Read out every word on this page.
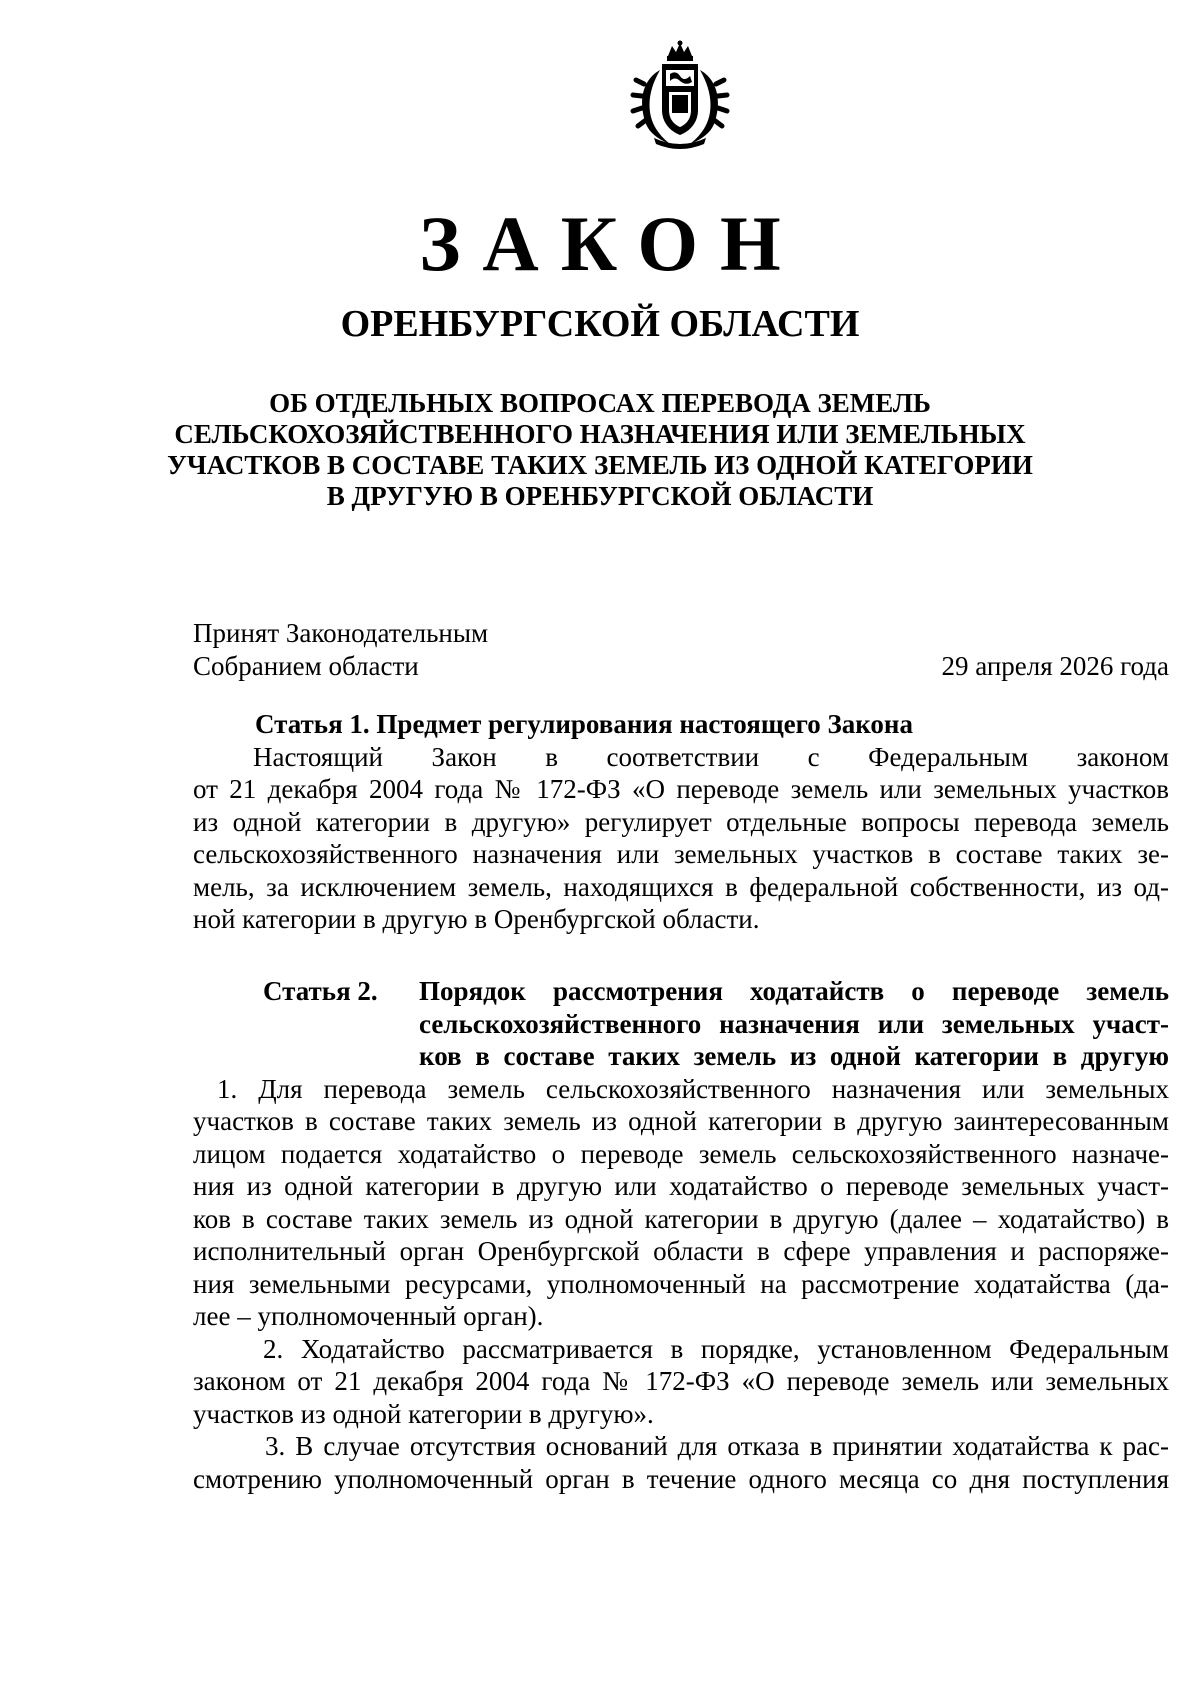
ЗАКОН
ОРЕНБУРГСКОЙ ОБЛАСТИ
ОБ ОТДЕЛЬНЫХ ВОПРОСАХ ПЕРЕВОДА ЗЕМЕЛЬ
СЕЛЬСКОХОЗЯЙСТВЕННОГО НАЗНАЧЕНИЯ ИЛИ ЗЕМЕЛЬНЫХ
УЧАСТКОВ В СОСТАВЕ ТАКИХ ЗЕМЕЛЬ ИЗ ОДНОЙ КАТЕГОРИИ
В ДРУГУЮ В ОРЕНБУРГСКОЙ ОБЛАСТИ
Принят Законодательным
Собранием области	29 апреля 2026 года
Статья 1. Предмет регулирования настоящего Закона
Настоящий Закон в соответствии с Федеральным законом
от 21 декабря 2004 года № 172-ФЗ «О переводе земель или земельных участков
из одной категории в другую» регулирует отдельные вопросы перевода земель
сельскохозяйственного назначения или земельных участков в составе таких зе-
мель, за исключением земель, находящихся в федеральной собственности, из од-
ной категории в другую в Оренбургской области.
Статья 2.	Порядок рассмотрения ходатайств о переводе земель
сельскохозяйственного назначения или земельных участ-
ков в составе таких земель из одной категории в другую
1. Для перевода земель сельскохозяйственного назначения или земельных
участков в составе таких земель из одной категории в другую заинтересованным
лицом подается ходатайство о переводе земель сельскохозяйственного назначе-
ния из одной категории в другую или ходатайство о переводе земельных участ-
ков в составе таких земель из одной категории в другую (далее – ходатайство) в
исполнительный орган Оренбургской области в сфере управления и распоряже-
ния земельными ресурсами, уполномоченный на рассмотрение ходатайства (да-
лее – уполномоченный орган).
2. Ходатайство рассматривается в порядке, установленном Федеральным
законом от 21 декабря 2004 года № 172-ФЗ «О переводе земель или земельных
участков из одной категории в другую».
3. В случае отсутствия оснований для отказа в принятии ходатайства к рас-
смотрению уполномоченный орган в течение одного месяца со дня поступления
